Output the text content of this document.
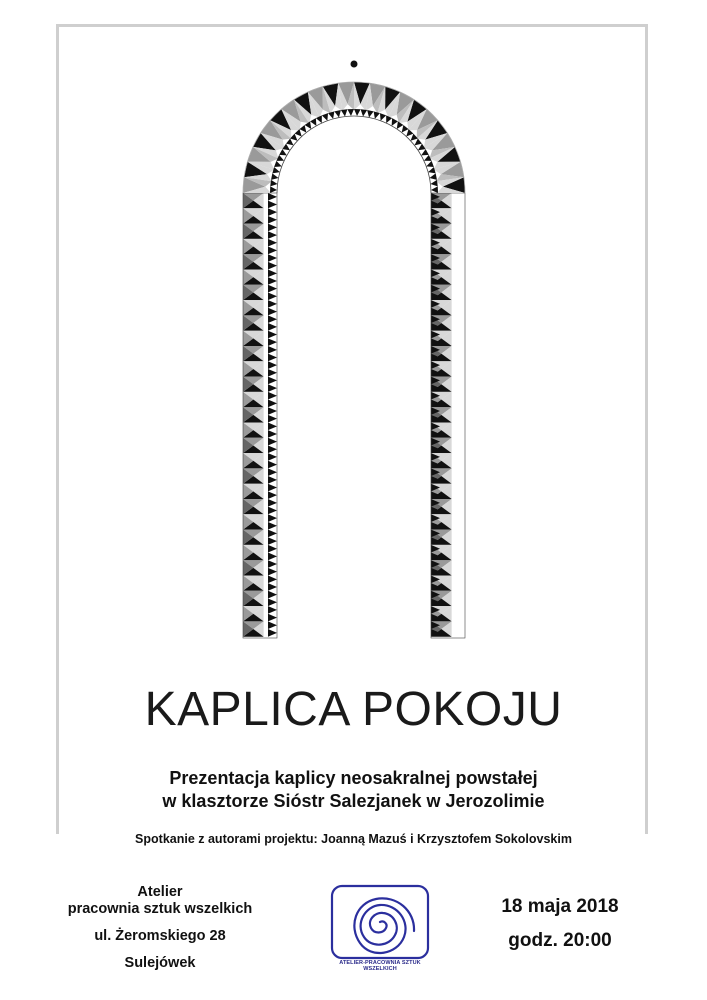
KAPLICA POKOJU
Prezentacja kaplicy neosakralnej powstałej
w klasztorze Sióstr Salezjanek w Jerozolimie
Spotkanie z autorami projektu: Joanną Mazuś i Krzysztofem Sokolovskim
Atelier
pracownia sztuk wszelkich
ul. Żeromskiego 28
Sulejówek	ATELIER-PRACOWNIA SZTUK WSZELKICH
18 maja 2018
godz. 20:00
